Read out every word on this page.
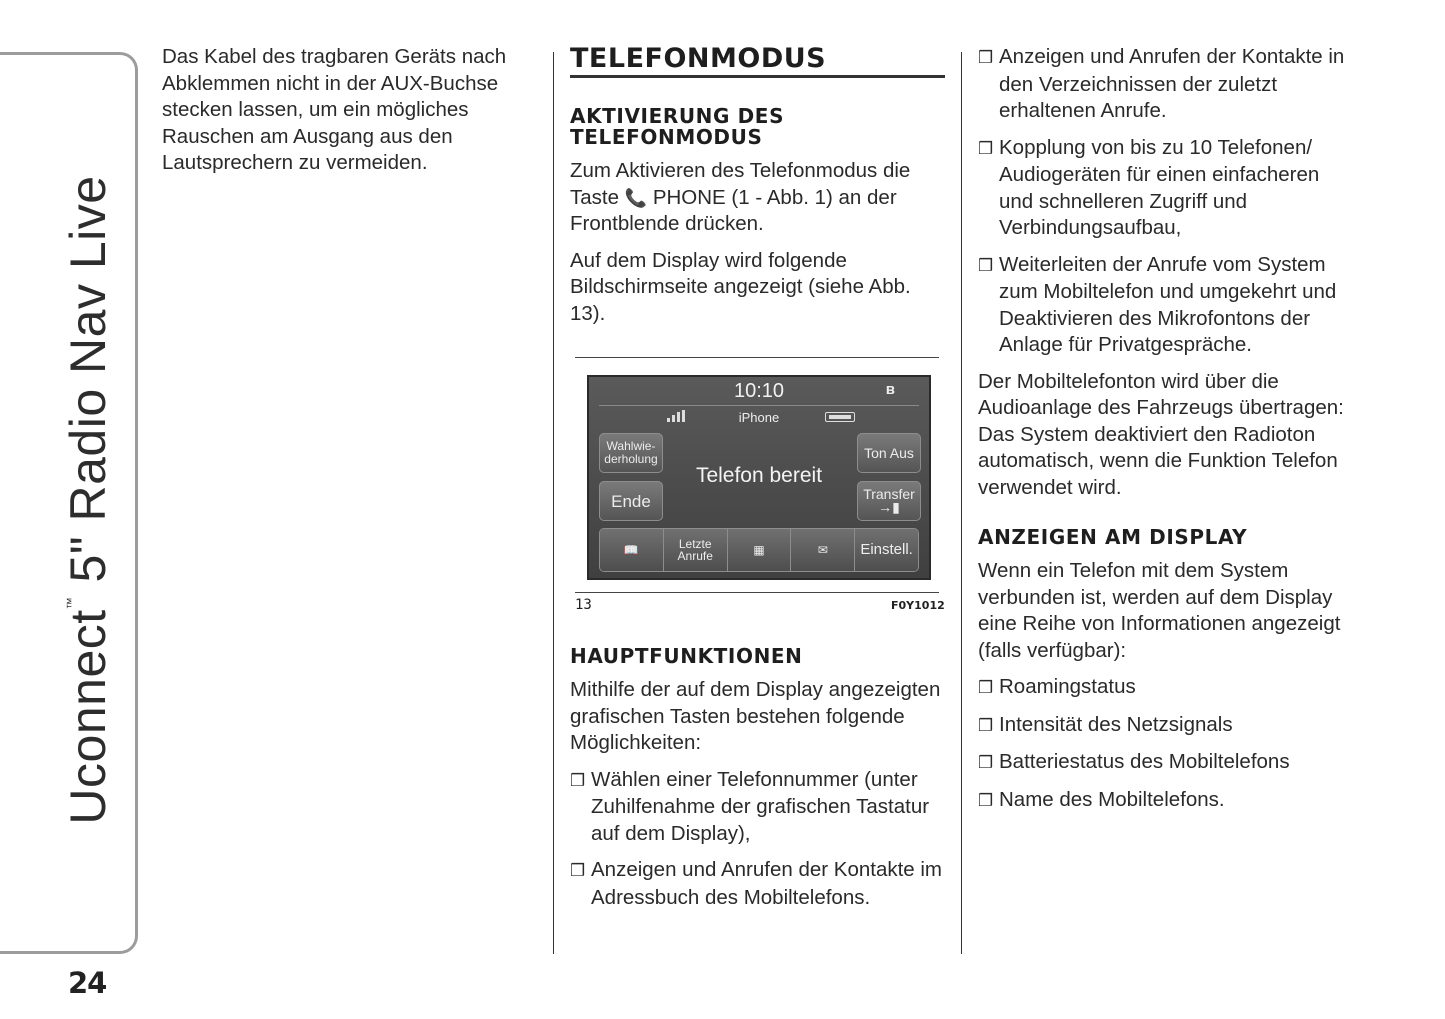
Uconnect™ 5" Radio Nav Live
24

Das Kabel des tragbaren Geräts nach Abklemmen nicht in der AUX-Buchse stecken lassen, um ein mögliches Rauschen am Ausgang aus den Lautsprechern zu vermeiden.

TELEFONMODUS
AKTIVIERUNG DES TELEFONMODUS

Zum Aktivieren des Telefonmodus die Taste 📞 PHONE (1 - Abb. 1) an der Frontblende drücken.

Auf dem Display wird folgende Bildschirmseite angezeigt (siehe Abb. 13).

10:10	ʙ
iPhone
Wahlwie-derholung
Ende
Ton Aus
Transfer
→▮
Telefon bereit
📖	Letzte Anrufe	▦	✉	Einstell.
13	F0Y1012
HAUPTFUNKTIONEN

Mithilfe der auf dem Display angezeigten grafischen Tasten bestehen folgende Möglichkeiten:

❒ Wählen einer Telefonnummer (unter Zuhilfenahme der grafischen Tastatur auf dem Display),
❒ Anzeigen und Anrufen der Kontakte im Adressbuch des Mobiltelefons.
❒ Anzeigen und Anrufen der Kontakte in den Verzeichnissen der zuletzt erhaltenen Anrufe.
❒ Kopplung von bis zu 10 Telefonen/ Audiogeräten für einen einfacheren und schnelleren Zugriff und Verbindungsaufbau,
❒ Weiterleiten der Anrufe vom System zum Mobiltelefon und umgekehrt und Deaktivieren des Mikrofontons der Anlage für Privatgespräche.

Der Mobiltelefonton wird über die Audioanlage des Fahrzeugs übertragen: Das System deaktiviert den Radioton automatisch, wenn die Funktion Telefon verwendet wird.

ANZEIGEN AM DISPLAY

Wenn ein Telefon mit dem System verbunden ist, werden auf dem Display eine Reihe von Informationen angezeigt (falls verfügbar):

❒ Roamingstatus
❒ Intensität des Netzsignals
❒ Batteriestatus des Mobiltelefons
❒ Name des Mobiltelefons.
